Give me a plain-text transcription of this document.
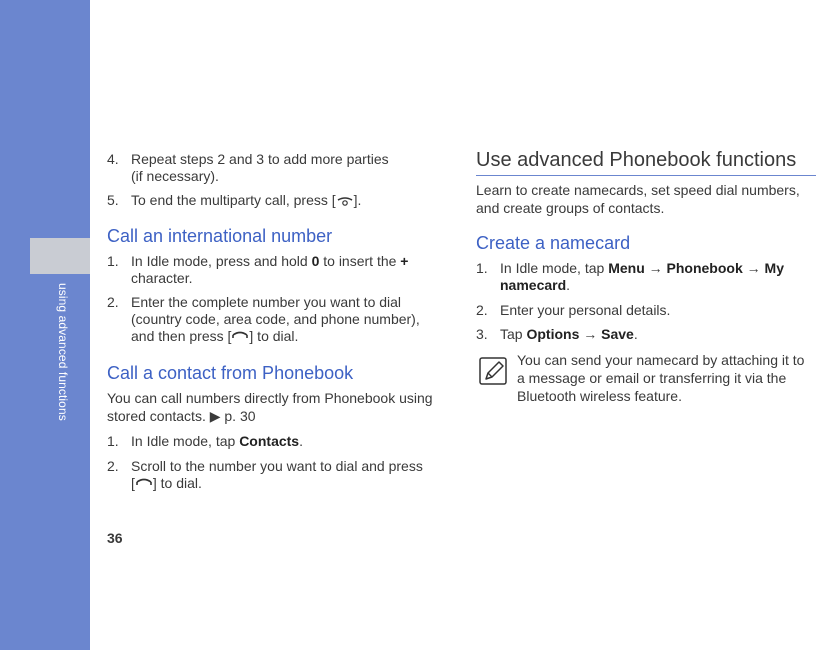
using advanced functions
36
4. Repeat steps 2 and 3 to add more parties
(if necessary).
5. To end the multiparty call, press [ ].
Call an international number
1. In Idle mode, press and hold 0 to insert the +
character.
2. Enter the complete number you want to dial
(country code, area code, and phone number),
and then press [ ] to dial.
Call a contact from Phonebook
You can call numbers directly from Phonebook using
stored contacts. ▶ p. 30
1. In Idle mode, tap Contacts.
2. Scroll to the number you want to dial and press
[ ] to dial.
Use advanced Phonebook functions
Learn to create namecards, set speed dial numbers,
and create groups of contacts.
Create a namecard
1. In Idle mode, tap Menu → Phonebook → My
namecard.
2. Enter your personal details.
3. Tap Options → Save.
You can send your namecard by attaching it to
a message or email or transferring it via the
Bluetooth wireless feature.
